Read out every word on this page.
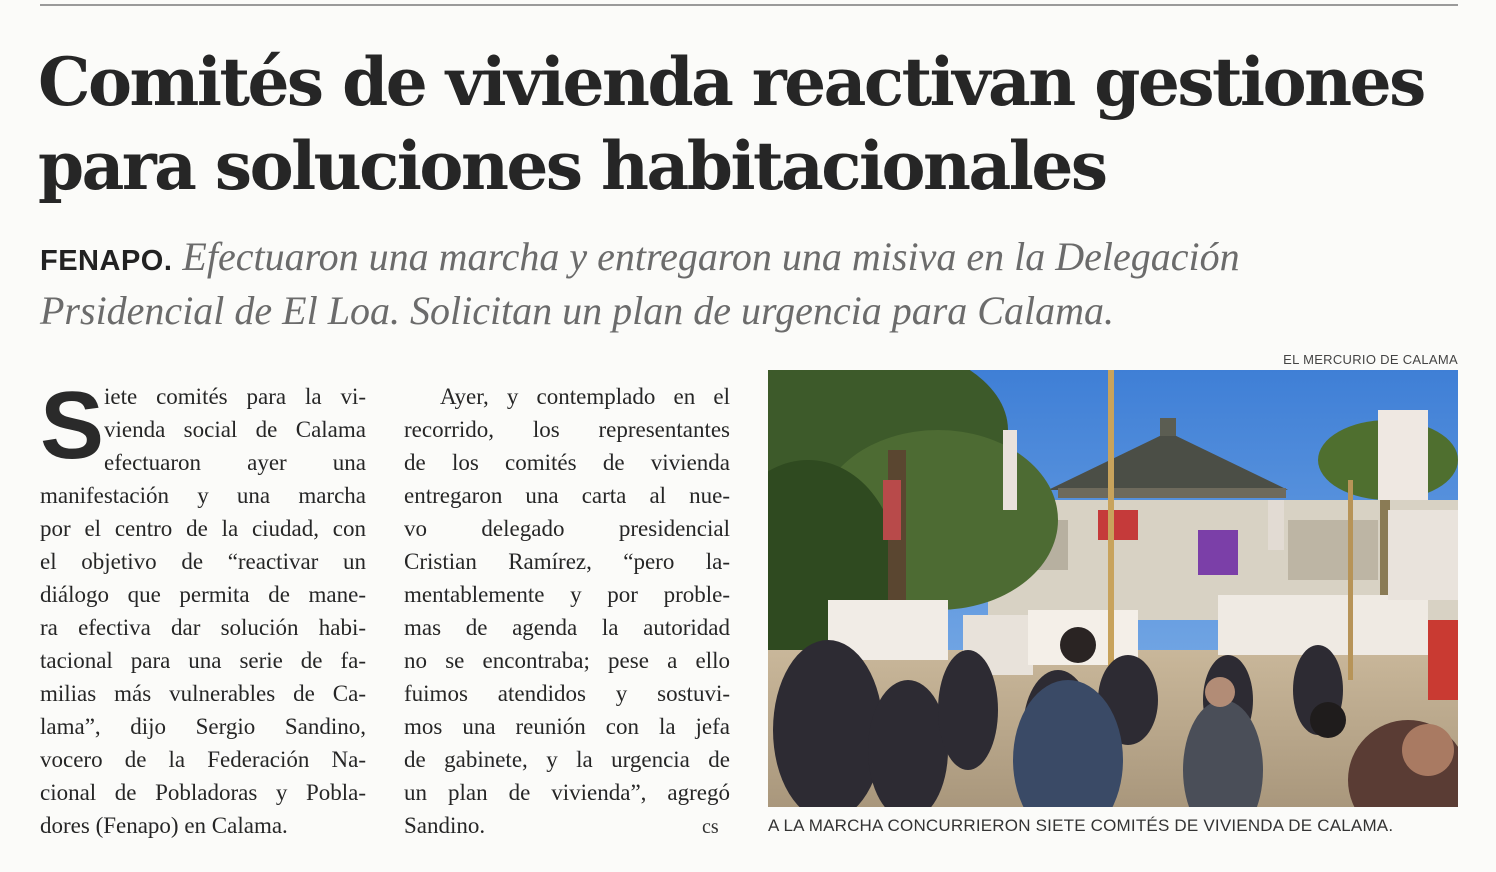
Comités de vivienda reactivan gestiones
para soluciones habitacionales
FENAPO. Efectuaron una marcha y entregaron una misiva en la Delegación
Prsidencial de El Loa. Solicitan un plan de urgencia para Calama.
S iete comités para la vi-
vienda social de Calama
efectuaron ayer una
manifestación y una marcha
por el centro de la ciudad, con
el objetivo de “reactivar un
diálogo que permita de mane-
ra efectiva dar solución habi-
tacional para una serie de fa-
milias más vulnerables de Ca-
lama”, dijo Sergio Sandino,
vocero de la Federación Na-
cional de Pobladoras y Pobla-
dores (Fenapo) en Calama.
Ayer, y contemplado en el
recorrido, los representantes
de los comités de vivienda
entregaron una carta al nue-
vo delegado presidencial
Cristian Ramírez, “pero la-
mentablemente y por proble-
mas de agenda la autoridad
no se encontraba; pese a ello
fuimos atendidos y sostuvi-
mos una reunión con la jefa
de gabinete, y la urgencia de
un plan de vivienda”, agregó
Sandino.	cs
EL MERCURIO DE CALAMA
A LA MARCHA CONCURRIERON SIETE COMITÉS DE VIVIENDA DE CALAMA.
